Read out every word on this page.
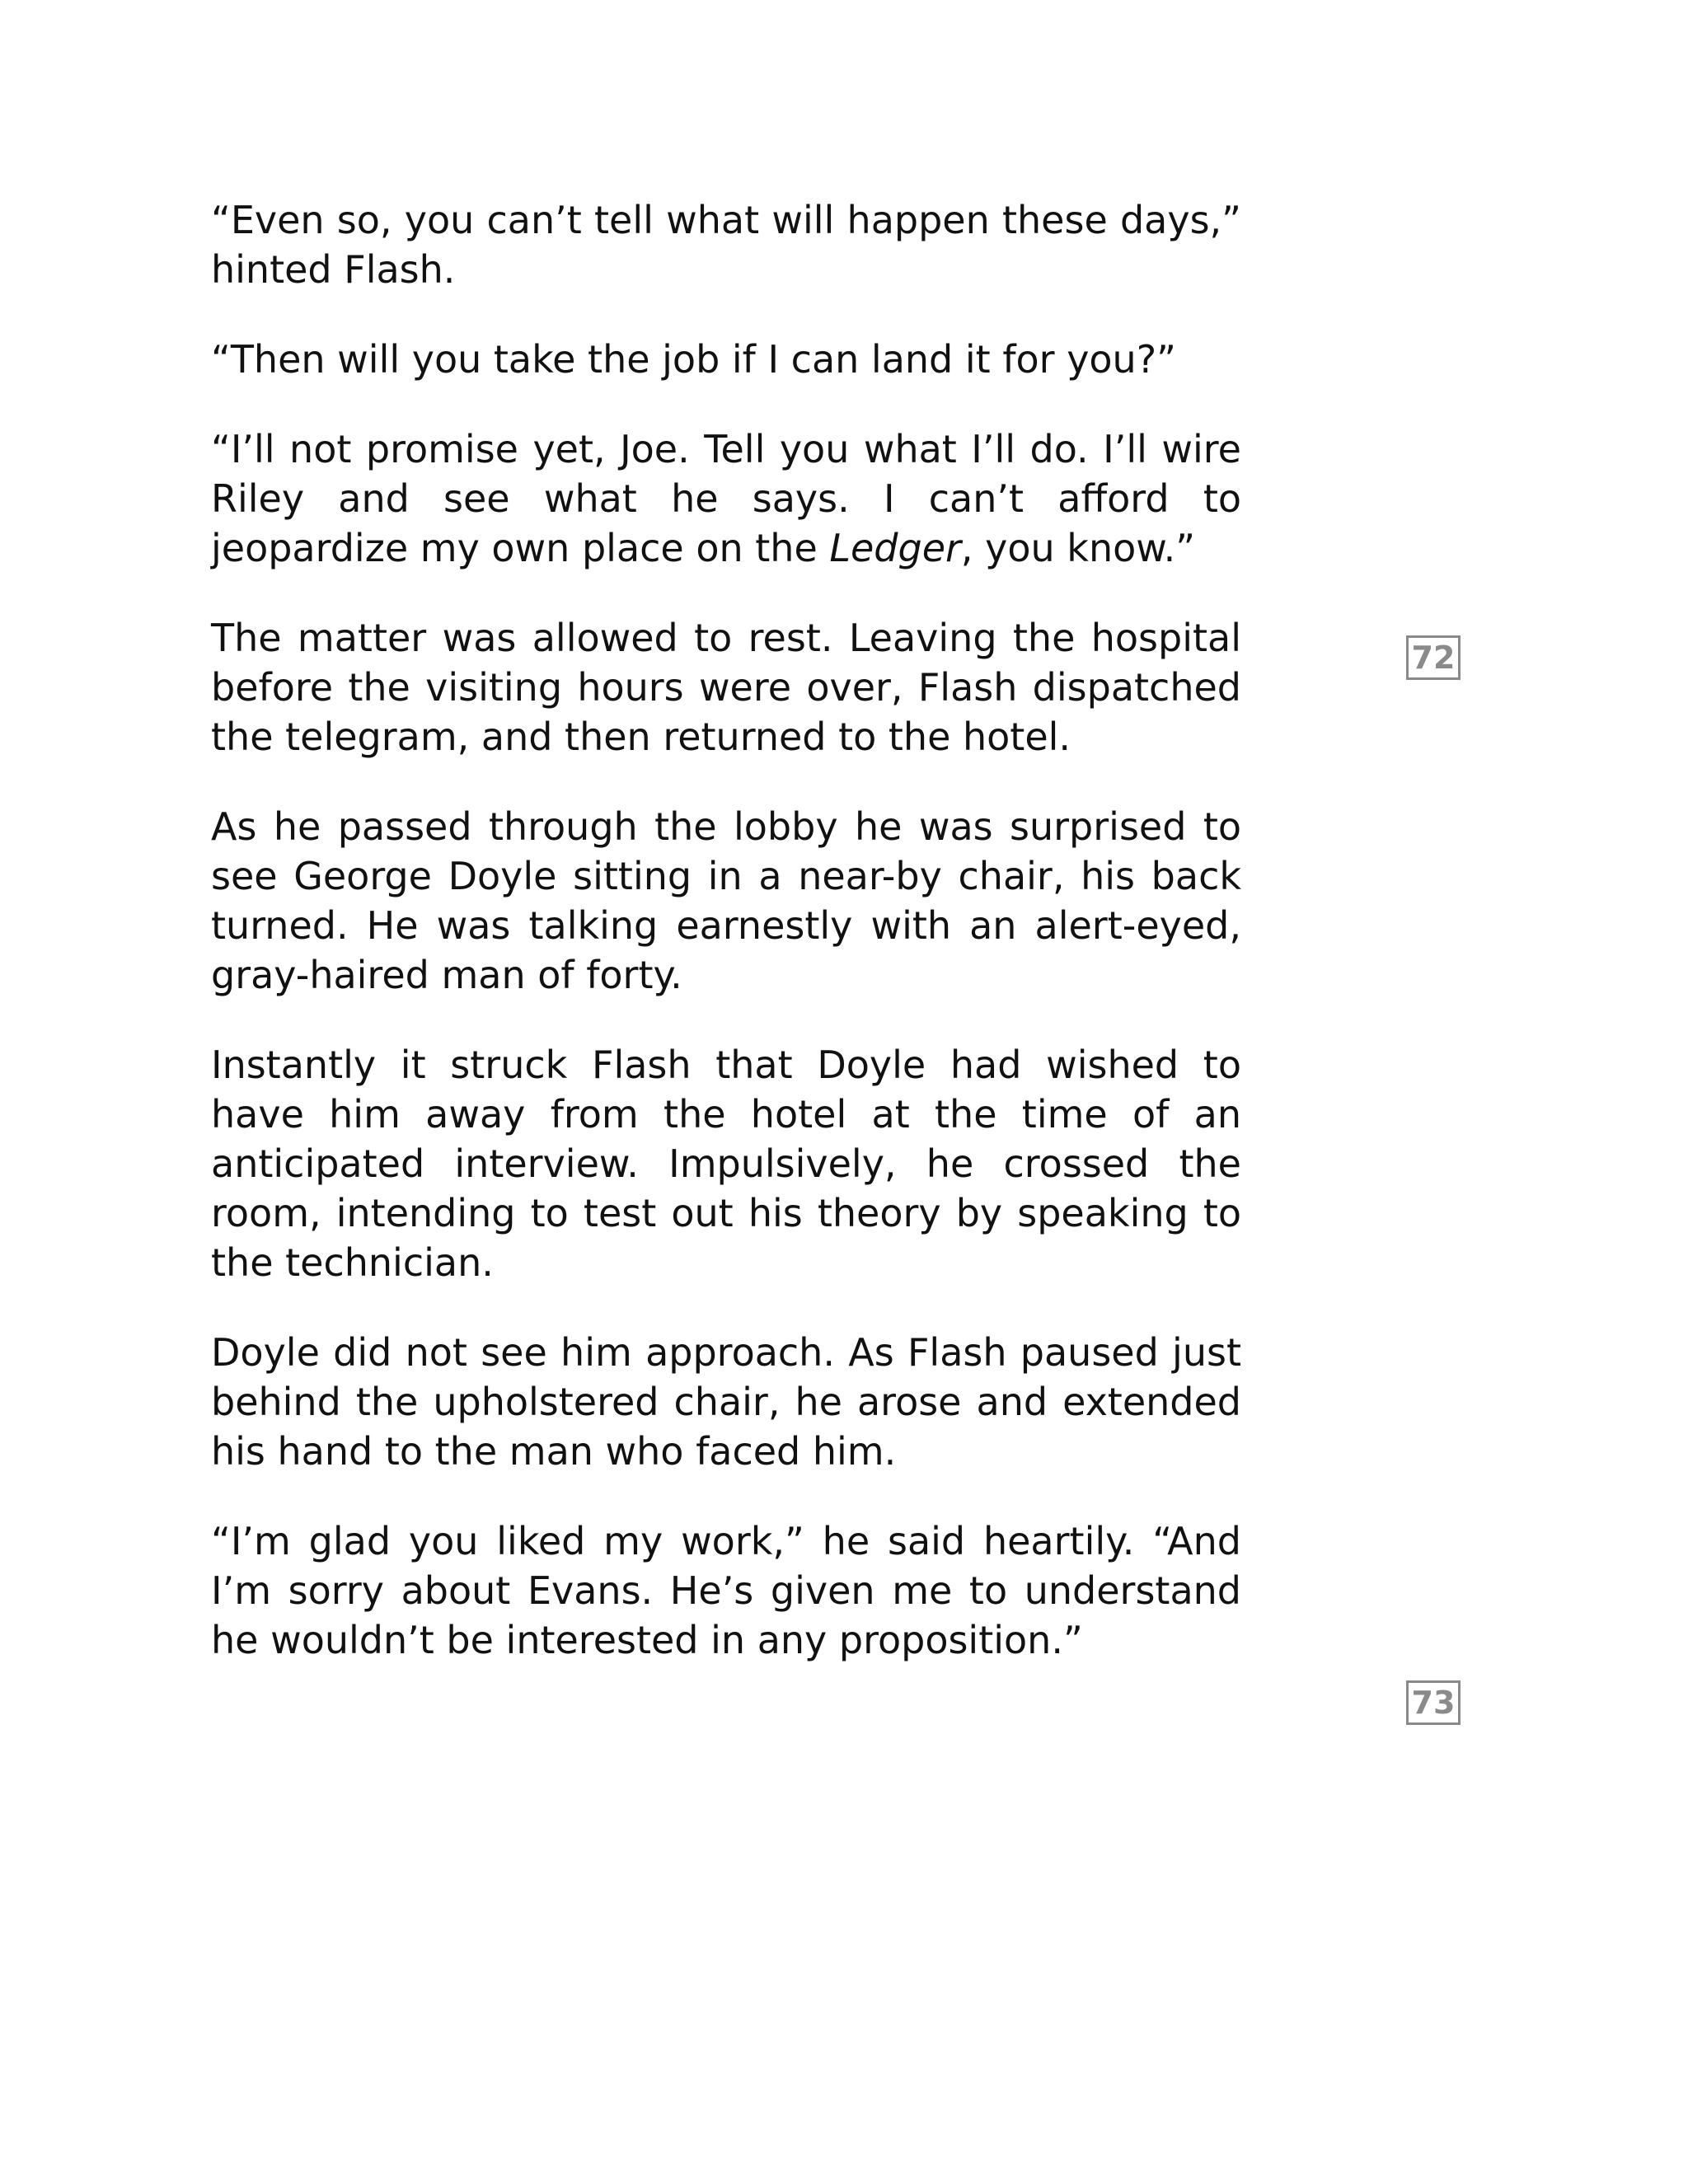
“Even so, you can’t tell what will happen these days,” hinted Flash.

“Then will you take the job if I can land it for you?”

“I’ll not promise yet, Joe. Tell you what I’ll do. I’ll wire Riley and see what he says. I can’t afford to jeopardize my own place on the Ledger, you know.”

The matter was allowed to rest. Leaving the hospital before the visiting hours were over, Flash dispatched the telegram, and then returned to the hotel.

As he passed through the lobby he was surprised to see George Doyle sitting in a near-by chair, his back turned. He was talking earnestly with an alert-eyed, gray-haired man of forty.

Instantly it struck Flash that Doyle had wished to have him away from the hotel at the time of an anticipated interview. Impulsively, he crossed the room, intending to test out his theory by speaking to the technician.

Doyle did not see him approach. As Flash paused just behind the upholstered chair, he arose and extended his hand to the man who faced him.

“I’m glad you liked my work,” he said heartily. “And I’m sorry about Evans. He’s given me to understand he wouldn’t be interested in any proposition.”

72
73
